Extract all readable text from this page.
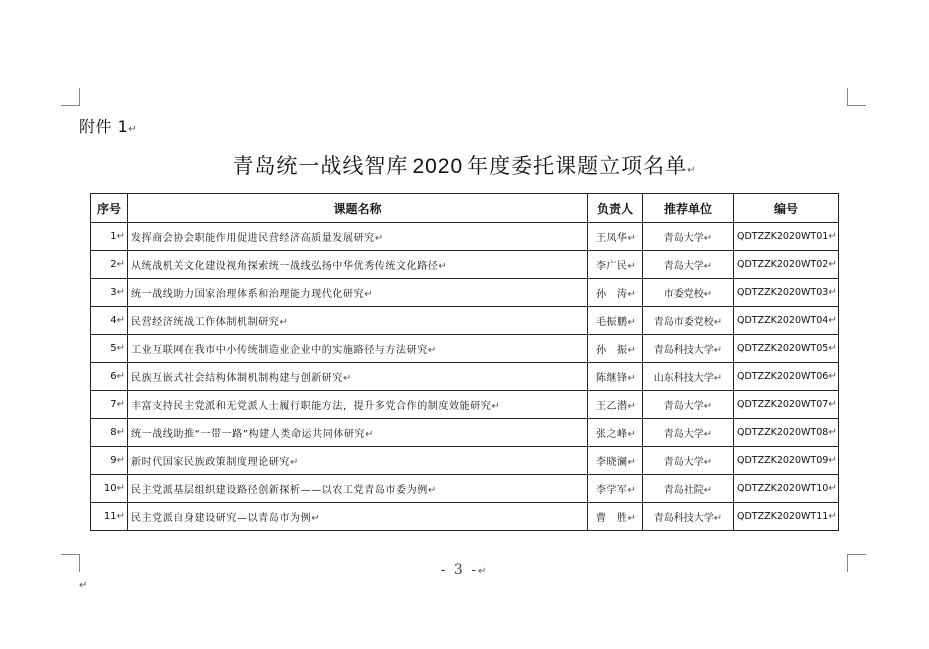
附件 1↵
青岛统一战线智库 2020 年度委托课题立项名单↵
序号	课题名称	负责人	推荐单位	编号
1↵	发挥商会协会职能作用促进民营经济高质量发展研究↵	王凤华↵	青岛大学↵	QDTZZK2020WT01↵
2↵	从统战机关文化建设视角探索统一战线弘扬中华优秀传统文化路径↵	李广民↵	青岛大学↵	QDTZZK2020WT02↵
3↵	统一战线助力国家治理体系和治理能力现代化研究↵	孙　涛↵	市委党校↵	QDTZZK2020WT03↵
4↵	民营经济统战工作体制机制研究↵	毛振鹏↵	青岛市委党校↵	QDTZZK2020WT04↵
5↵	工业互联网在我市中小传统制造业企业中的实施路径与方法研究↵	孙　振↵	青岛科技大学↵	QDTZZK2020WT05↵
6↵	民族互嵌式社会结构体制机制构建与创新研究↵	陈继锋↵	山东科技大学↵	QDTZZK2020WT06↵
7↵	丰富支持民主党派和无党派人士履行职能方法，提升多党合作的制度效能研究↵	王乙潜↵	青岛大学↵	QDTZZK2020WT07↵
8↵	统一战线助推“一带一路”构建人类命运共同体研究↵	张之峰↵	青岛大学↵	QDTZZK2020WT08↵
9↵	新时代国家民族政策制度理论研究↵	李晓澜↵	青岛大学↵	QDTZZK2020WT09↵
10↵	民主党派基层组织建设路径创新探析——以农工党青岛市委为例↵	李学军↵	青岛社院↵	QDTZZK2020WT10↵
11↵	民主党派自身建设研究—以青岛市为例↵	曹　胜↵	青岛科技大学↵	QDTZZK2020WT11↵
- 3 -↵
↵
